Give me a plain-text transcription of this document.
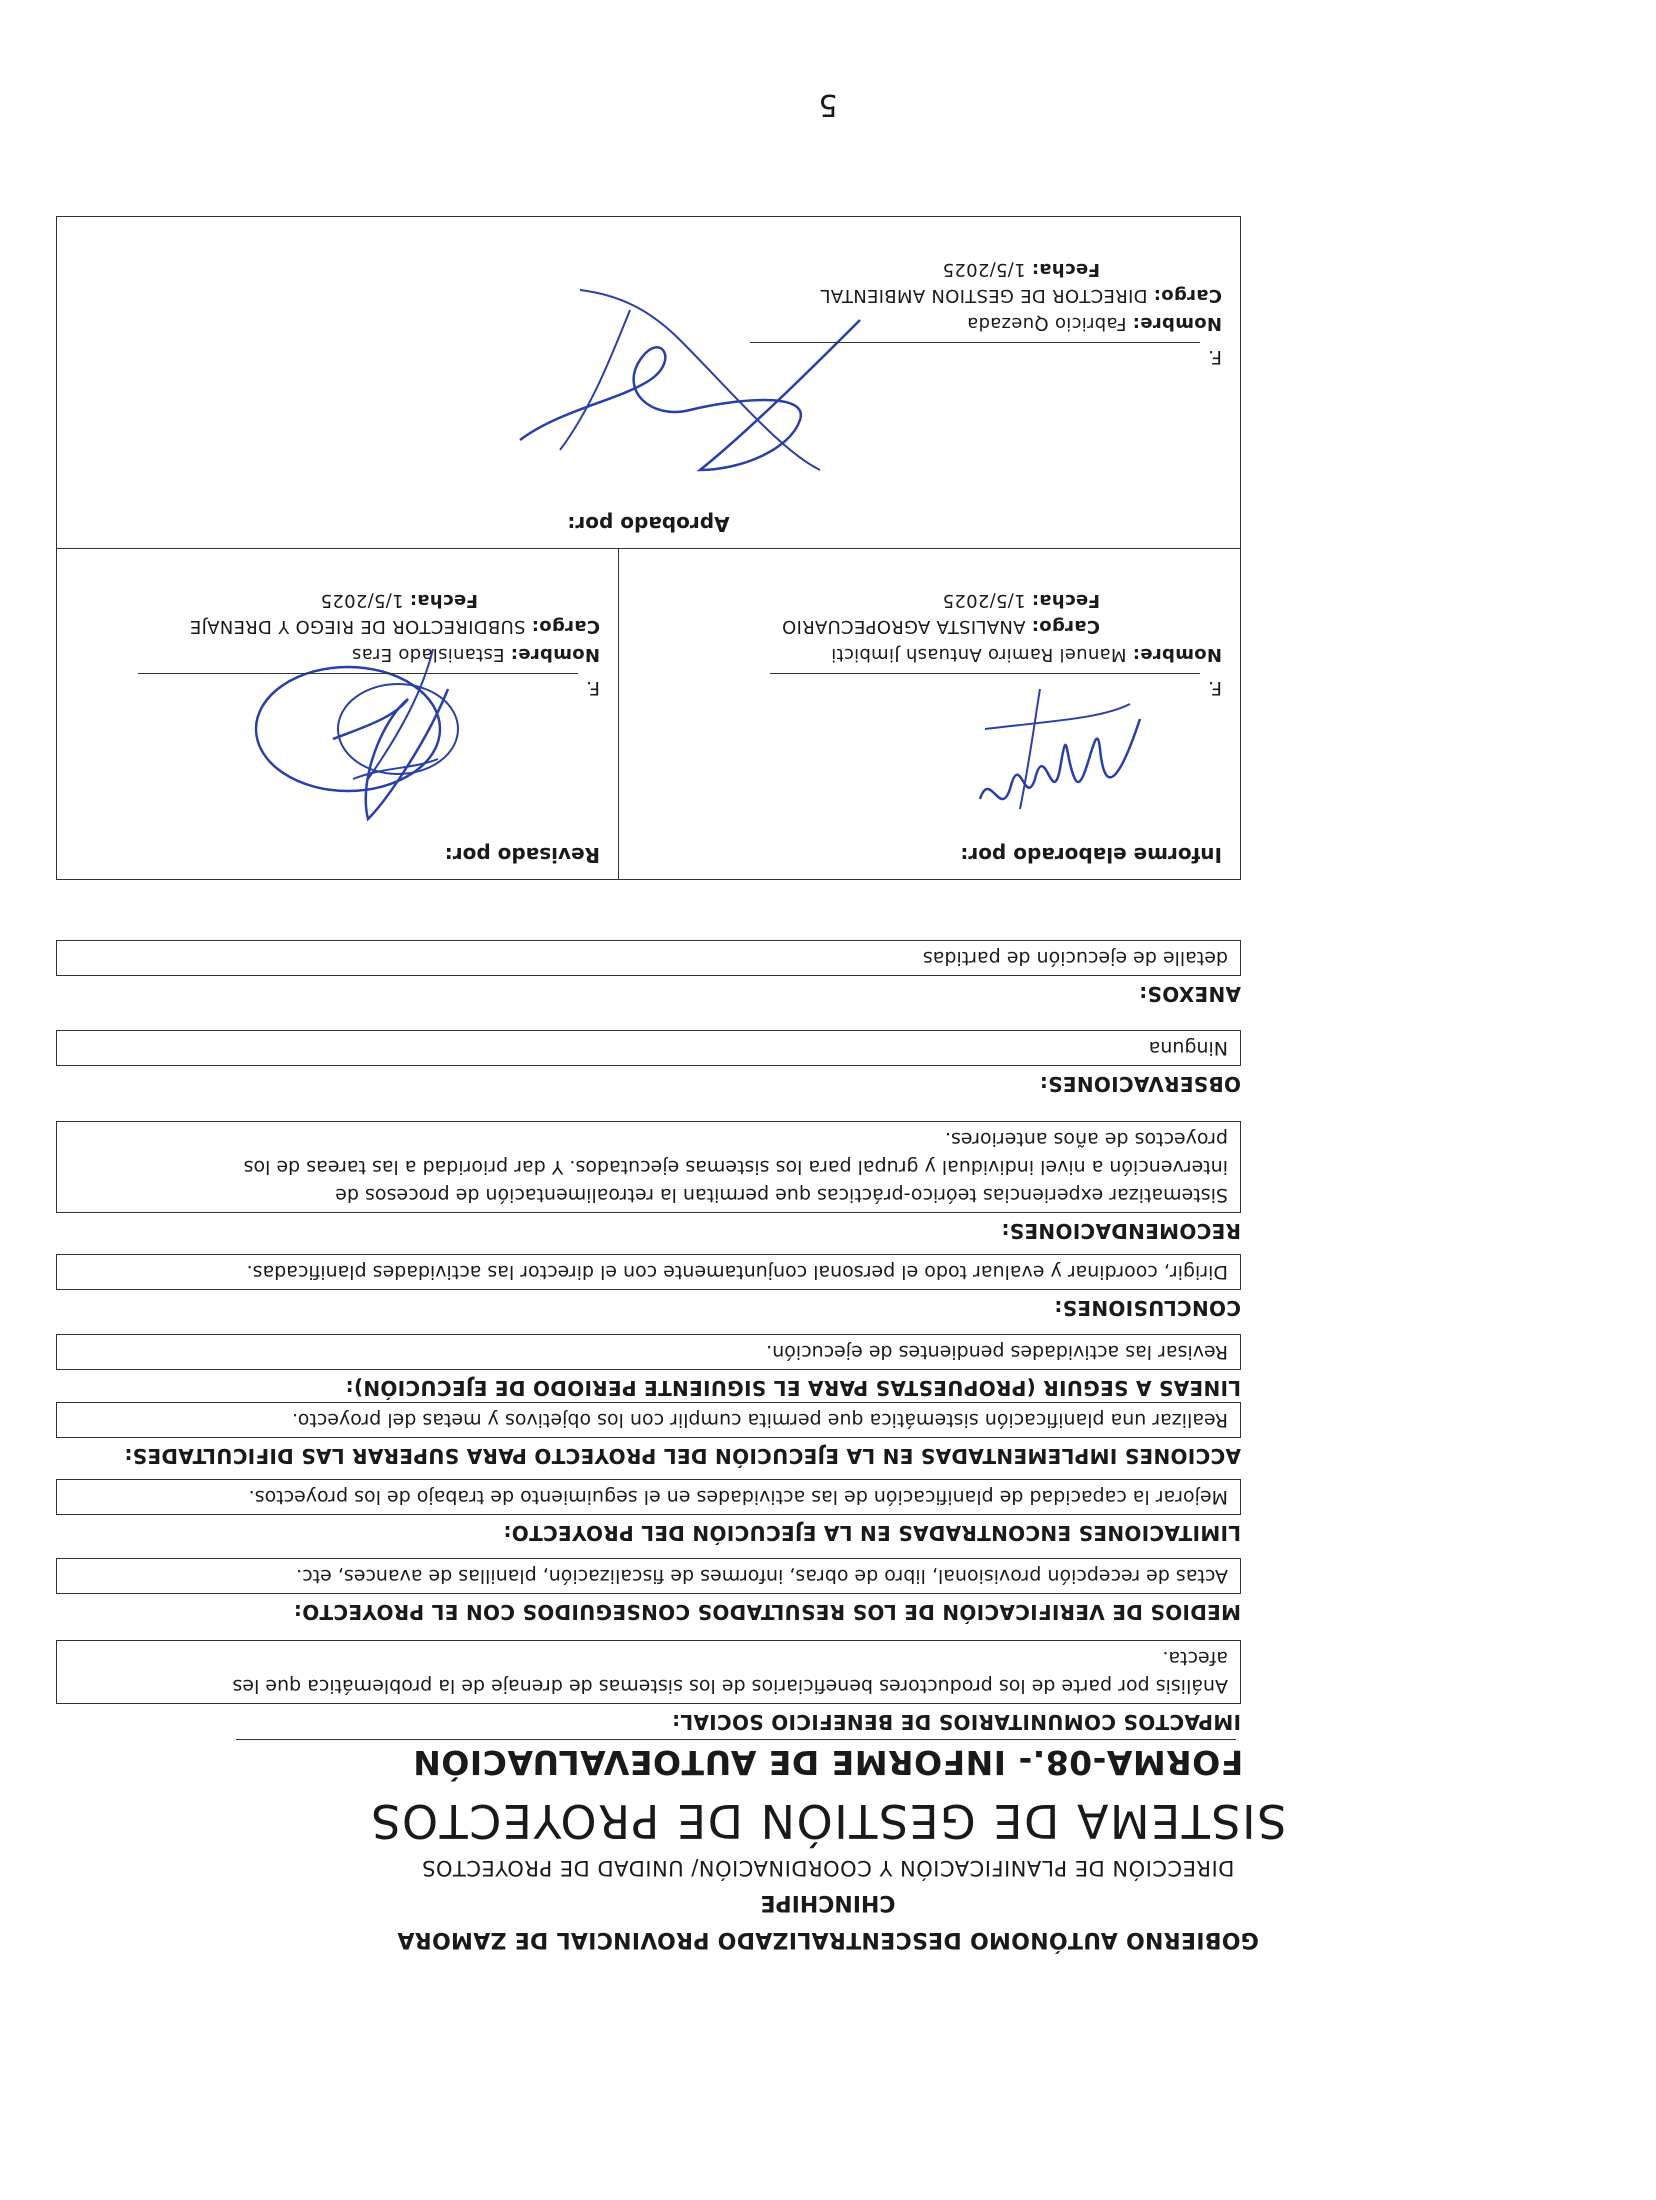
GOBIERNO AUTÓNOMO DESCENTRALIZADO PROVINCIAL DE ZAMORA
CHINCHIPE
DIRECCIÓN DE PLANIFICACIÓN Y COORDINACIÓN/ UNIDAD DE PROYECTOS
SISTEMA DE GESTIÓN DE PROYECTOS
FORMA-08.- INFORME DE AUTOEVALUACIÓN
IMPACTOS COMUNITARIOS DE BENEFICIO SOCIAL:
Análisis por parte de los productores beneficiarios de los sistemas de drenaje de la problemática que les
afecta.
MEDIOS DE VERIFICACIÓN DE LOS RESULTADOS CONSEGUIDOS CON EL PROYECTO:
Actas de recepción provisional, libro de obras, informes de fiscalización, planillas de avances, etc.
LIMITACIONES ENCONTRADAS EN LA EJECUCIÓN DEL PROYECTO:
Mejorar la capacidad de planificación de las actividades en el seguimiento de trabajo de los proyectos.
ACCIONES IMPLEMENTADAS EN LA EJECUCIÓN DEL PROYECTO PARA SUPERAR LAS DIFICULTADES:
Realizar una planificación sistemática que permita cumplir con los objetivos y metas del proyecto.
LINEAS A SEGUIR (PROPUESTAS PARA EL SIGUIENTE PERIODO DE EJECUCIÓN):
Revisar las actividades pendientes de ejecución.
CONCLUSIONES:
Dirigir, coordinar y evaluar todo el personal conjuntamente con el director las actividades planificadas.
RECOMENDACIONES:
Sistematizar experiencias teórico-prácticas que permitan la retroalimentación de procesos de
intervención a nivel individual y grupal para los sistemas ejecutados. Y dar prioridad a las tareas de los
proyectos de años anteriores.
OBSERVACIONES:
Ninguna
ANEXOS:
detalle de ejecución de partidas
Informe elaborado por:
F.
Nombre: Manuel Ramiro Antuash Jimbicti
Cargo: ANALISTA AGROPECUARIO
Fecha: 1/5/2025
Revisado por:
F.
Nombre: Estanislado Eras
Cargo: SUBDIRECTOR DE RIEGO Y DRENAJE
Fecha: 1/5/2025
Aprobado por:
F.
Nombre: Fabricio Quezada
Cargo: DIRECTOR DE GESTION AMBIENTAL
Fecha: 1/5/2025
5
